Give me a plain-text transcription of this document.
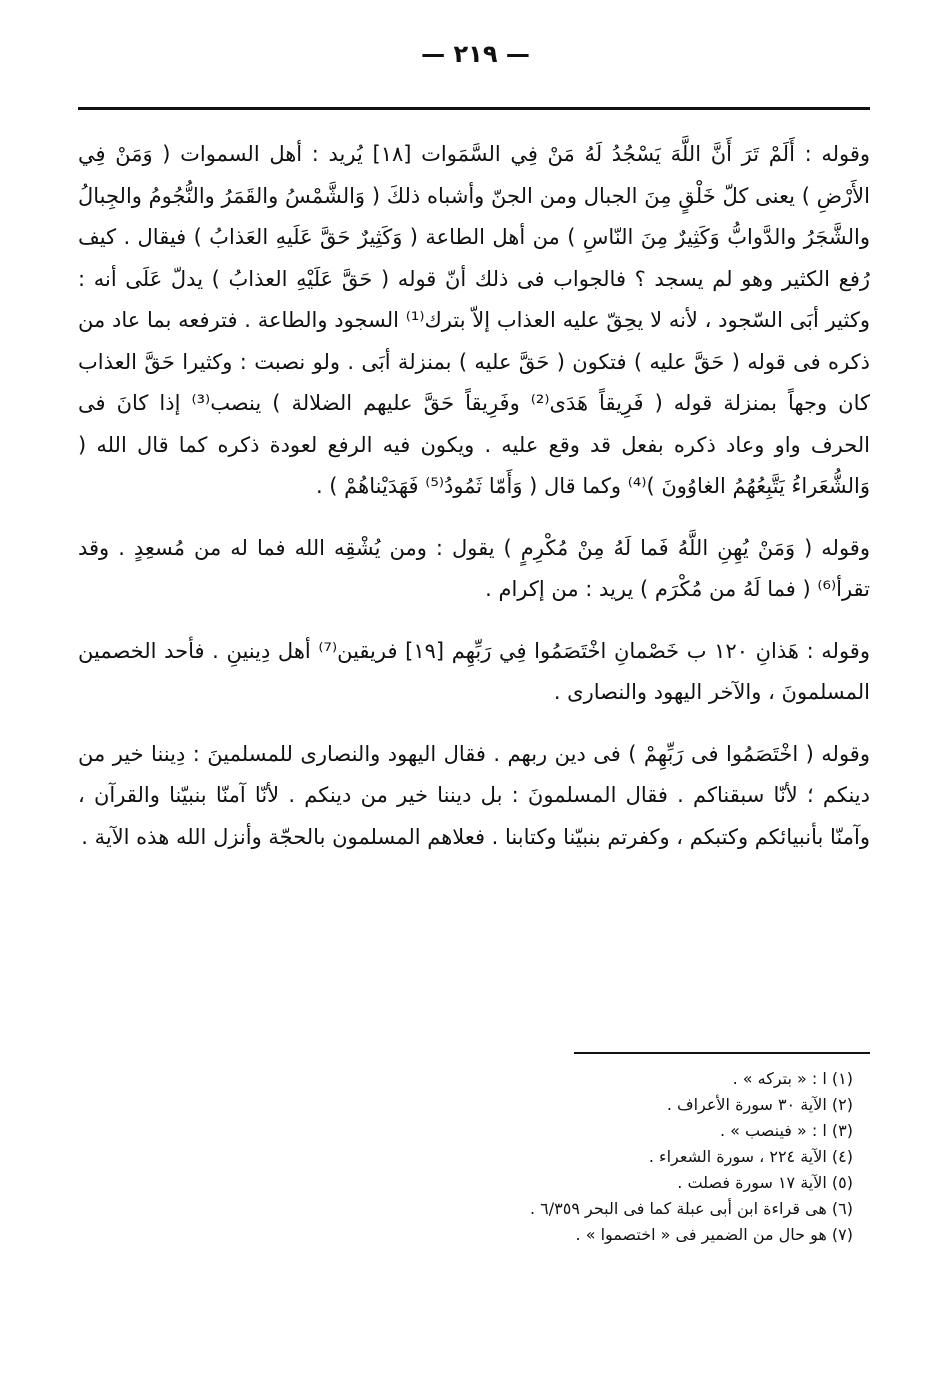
— ٢١٩ —

وقوله : أَلَمْ تَرَ أَنَّ اللَّهَ يَسْجُدُ لَهُ مَنْ فِي السَّمَوات [١٨] يُريد : أهل السموات ( وَمَنْ فِي الأَرْضِ ) يعنى كلّ خَلْقٍ مِنَ الجبال ومن الجنّ وأشباه ذلكَ ( وَالشَّمْسُ والقَمَرُ والنُّجُومُ والجِبالُ والشَّجَرُ والدَّوابُّ وَكَثِيرٌ مِنَ النّاسِ ) من أهل الطاعة ( وَكَثِيرٌ حَقَّ عَلَيهِ العَذابُ ) فيقال . كيف رُفع الكثير وهو لم يسجد ؟ فالجواب فى ذلك أنّ قوله ( حَقَّ عَلَيْهِ العذابُ ) يدلّ عَلَى أنه : وكثير أبَى السّجود ، لأنه لا يحِقّ عليه العذاب إلاّ بترك⁽¹⁾ السجود والطاعة . فترفعه بما عاد من ذكره فى قوله ( حَقَّ عليه ) فتكون ( حَقَّ عليه ) بمنزلة أبَى . ولو نصبت : وكثيرا حَقَّ العذاب كان وجهاً بمنزلة قوله ( فَرِيقاً هَدَى⁽²⁾ وفَرِيقاً حَقَّ عليهم الضلالة ) ينصب⁽³⁾ إذا كانَ فى الحرف واو وعاد ذكره بفعل قد وقع عليه . ويكون فيه الرفع لعودة ذكره كما قال الله ( وَالشُّعَراءُ يَتَّبِعُهُمُ الغاوُونَ )⁽⁴⁾ وكما قال ( وَأَمّا ثَمُودُ⁽⁵⁾ فَهَدَيْناهُمْ ) .

وقوله ( وَمَنْ يُهِنِ اللَّهُ فَما لَهُ مِنْ مُكْرِمٍ ) يقول : ومن يُشْقِه الله فما له من مُسعِدٍ . وقد تقرأ⁽⁶⁾ ( فما لَهُ من مُكْرَم ) يريد : من إكرام .

وقوله : هَذانِ ١٢٠ ب خَصْمانِ اخْتَصَمُوا فِي رَبِّهِم [١٩] فريقين⁽⁷⁾ أهل دِينينِ . فأحد الخصمين المسلمونَ ، والآخر اليهود والنصارى .

وقوله ( اخْتَصَمُوا فى رَبِّهِمْ ) فى دين ربهم . فقال اليهود والنصارى للمسلمينَ : دِيننا خير من دينكم ؛ لأنّا سبقناكم . فقال المسلمونَ : بل ديننا خير من دينكم . لأنّا آمنّا بنبيّنا والقرآن ، وآمنّا بأنبيائكم وكتبكم ، وكفرتم بنبيّنا وكتابنا . فعلاهم المسلمون بالحجّة وأنزل الله هذه الآية .

(١) ا : « بتركه » .

(٢) الآية ٣٠ سورة الأعراف .

(٣) ا : « فينصب » .

(٤) الآية ٢٢٤ ، سورة الشعراء .

(٥) الآية ١٧ سورة فصلت .

(٦) هى قراءة ابن أبى عبلة كما فى البحر ٦/٣٥٩ .

(٧) هو حال من الضمير فى « اختصموا » .
